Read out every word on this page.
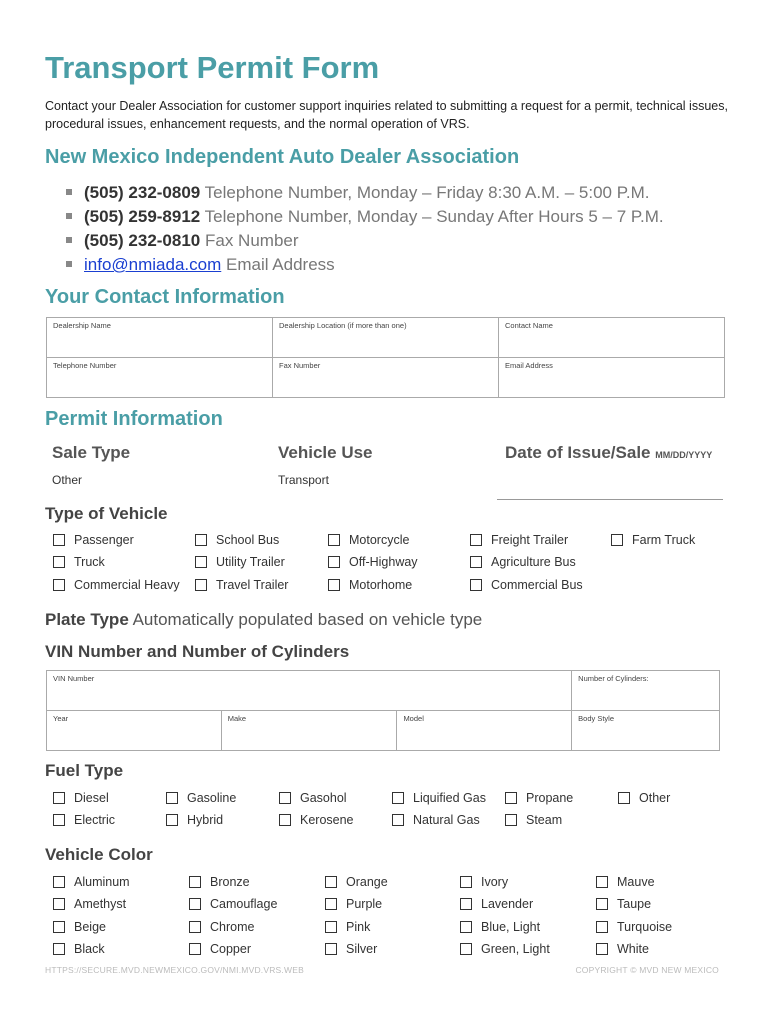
Transport Permit Form
Contact your Dealer Association for customer support inquiries related to submitting a request for a permit, technical issues, procedural issues, enhancement requests, and the normal operation of VRS.
New Mexico Independent Auto Dealer Association
(505) 232-0809 Telephone Number, Monday – Friday 8:30 A.M. – 5:00 P.M.
(505) 259-8912 Telephone Number, Monday – Sunday After Hours 5 – 7 P.M.
(505) 232-0810 Fax Number
info@nmiada.com Email Address
Your Contact Information
Dealership Name	Dealership Location (if more than one)	Contact Name
Telephone Number	Fax Number	Email Address
Permit Information
Sale Type
Other
Vehicle Use
Transport
Date of Issue/Sale MM/DD/YYYY
Type of Vehicle
Passenger
Truck
Commercial Heavy
School Bus
Utility Trailer
Travel Trailer
Motorcycle
Off-Highway
Motorhome
Freight Trailer
Agriculture Bus
Commercial Bus
Farm Truck
Plate Type Automatically populated based on vehicle type
VIN Number and Number of Cylinders
VIN Number			Number of Cylinders:
Year	Make	Model	Body Style
Fuel Type
Diesel
Electric
Gasoline
Hybrid
Gasohol
Kerosene
Liquified Gas
Natural Gas
Propane
Steam
Other
Vehicle Color
Aluminum
Amethyst
Beige
Black
Bronze
Camouflage
Chrome
Copper
Orange
Purple
Pink
Silver
Ivory
Lavender
Blue, Light
Green, Light
Mauve
Taupe
Turquoise
White
HTTPS://SECURE.MVD.NEWMEXICO.GOV/NMI.MVD.VRS.WEB	COPYRIGHT © MVD NEW MEXICO
